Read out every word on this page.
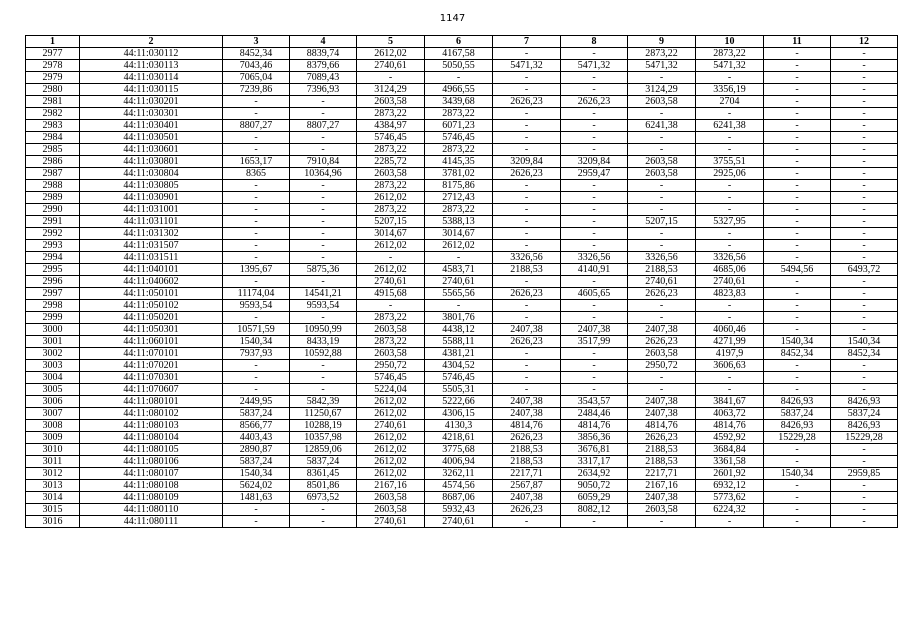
1147
1	2	3	4	5	6	7	8	9	10	11	12
2977	44:11:030112	8452,34	8839,74	2612,02	4167,58	-	-	2873,22	2873,22	-	-
2978	44:11:030113	7043,46	8379,66	2740,61	5050,55	5471,32	5471,32	5471,32	5471,32	-	-
2979	44:11:030114	7065,04	7089,43	-	-	-	-	-	-	-	-
2980	44:11:030115	7239,86	7396,93	3124,29	4966,55	-	-	3124,29	3356,19	-	-
2981	44:11:030201	-	-	2603,58	3439,68	2626,23	2626,23	2603,58	2704	-	-
2982	44:11:030301	-	-	2873,22	2873,22	-	-	-	-	-	-
2983	44:11:030401	8807,27	8807,27	4384,97	6071,23	-	-	6241,38	6241,38	-	-
2984	44:11:030501	-	-	5746,45	5746,45	-	-	-	-	-	-
2985	44:11:030601	-	-	2873,22	2873,22	-	-	-	-	-	-
2986	44:11:030801	1653,17	7910,84	2285,72	4145,35	3209,84	3209,84	2603,58	3755,51	-	-
2987	44:11:030804	8365	10364,96	2603,58	3781,02	2626,23	2959,47	2603,58	2925,06	-	-
2988	44:11:030805	-	-	2873,22	8175,86	-	-	-	-	-	-
2989	44:11:030901	-	-	2612,02	2712,43	-	-	-	-	-	-
2990	44:11:031001	-	-	2873,22	2873,22	-	-	-	-	-	-
2991	44:11:031101	-	-	5207,15	5388,13	-	-	5207,15	5327,95	-	-
2992	44:11:031302	-	-	3014,67	3014,67	-	-	-	-	-	-
2993	44:11:031507	-	-	2612,02	2612,02	-	-	-	-	-	-
2994	44:11:031511	-	-	-	-	3326,56	3326,56	3326,56	3326,56	-	-
2995	44:11:040101	1395,67	5875,36	2612,02	4583,71	2188,53	4140,91	2188,53	4685,06	5494,56	6493,72
2996	44:11:040602	-	-	2740,61	2740,61	-	-	2740,61	2740,61	-	-
2997	44:11:050101	11174,04	14541,21	4915,68	5565,56	2626,23	4605,65	2626,23	4823,83	-	-
2998	44:11:050102	9593,54	9593,54	-	-	-	-	-	-	-	-
2999	44:11:050201	-	-	2873,22	3801,76	-	-	-	-	-	-
3000	44:11:050301	10571,59	10950,99	2603,58	4438,12	2407,38	2407,38	2407,38	4060,46	-	-
3001	44:11:060101	1540,34	8433,19	2873,22	5588,11	2626,23	3517,99	2626,23	4271,99	1540,34	1540,34
3002	44:11:070101	7937,93	10592,88	2603,58	4381,21	-	-	2603,58	4197,9	8452,34	8452,34
3003	44:11:070201	-	-	2950,72	4304,52	-	-	2950,72	3606,63	-	-
3004	44:11:070301	-	-	5746,45	5746,45	-	-	-	-	-	-
3005	44:11:070607	-	-	5224,04	5505,31	-	-	-	-	-	-
3006	44:11:080101	2449,95	5842,39	2612,02	5222,66	2407,38	3543,57	2407,38	3841,67	8426,93	8426,93
3007	44:11:080102	5837,24	11250,67	2612,02	4306,15	2407,38	2484,46	2407,38	4063,72	5837,24	5837,24
3008	44:11:080103	8566,77	10288,19	2740,61	4130,3	4814,76	4814,76	4814,76	4814,76	8426,93	8426,93
3009	44:11:080104	4403,43	10357,98	2612,02	4218,61	2626,23	3856,36	2626,23	4592,92	15229,28	15229,28
3010	44:11:080105	2890,87	12859,06	2612,02	3775,68	2188,53	3676,81	2188,53	3684,84	-	-
3011	44:11:080106	5837,24	5837,24	2612,02	4006,94	2188,53	3317,17	2188,53	3361,58	-	-
3012	44:11:080107	1540,34	8361,45	2612,02	3262,11	2217,71	2634,92	2217,71	2601,92	1540,34	2959,85
3013	44:11:080108	5624,02	8501,86	2167,16	4574,56	2567,87	9050,72	2167,16	6932,12	-	-
3014	44:11:080109	1481,63	6973,52	2603,58	8687,06	2407,38	6059,29	2407,38	5773,62	-	-
3015	44:11:080110	-	-	2603,58	5932,43	2626,23	8082,12	2603,58	6224,32	-	-
3016	44:11:080111	-	-	2740,61	2740,61	-	-	-	-	-	-
